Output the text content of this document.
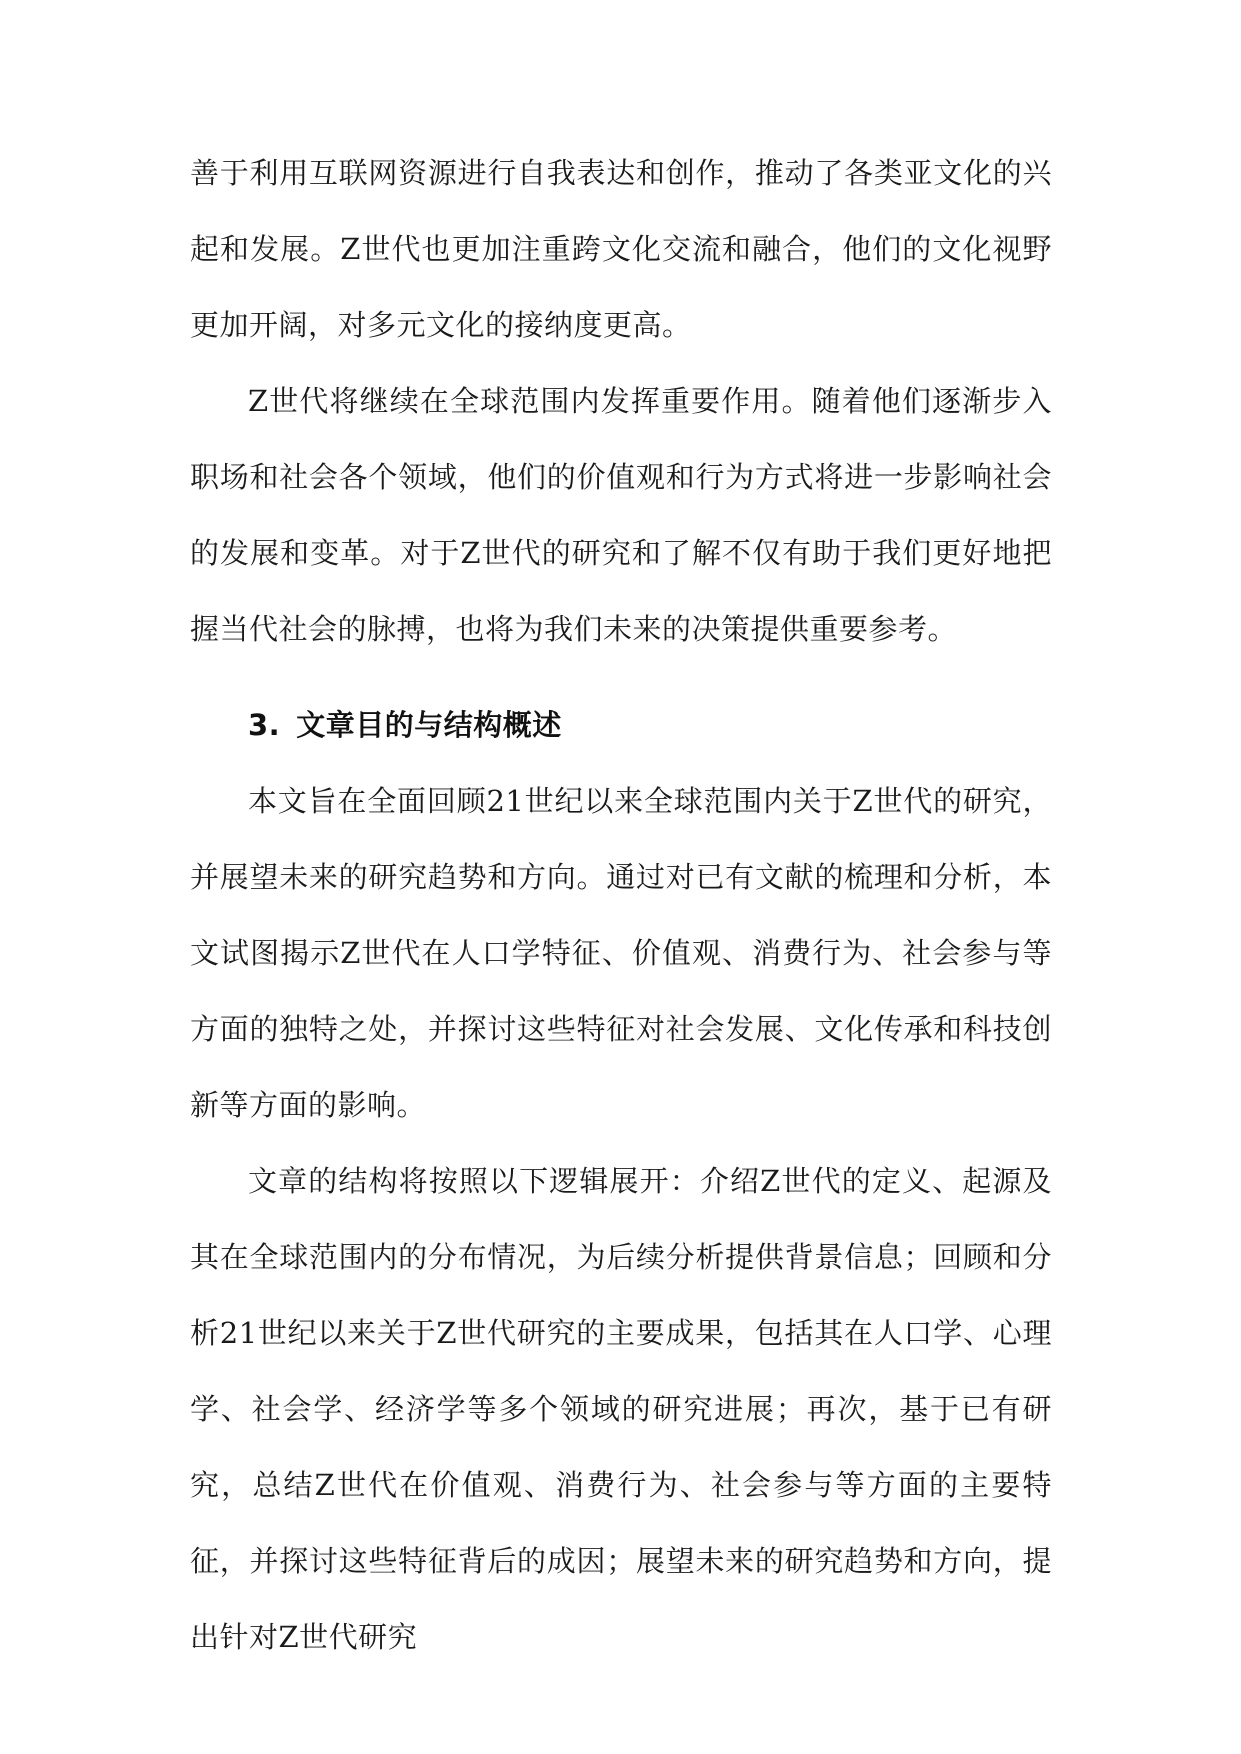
善于利用互联网资源进行自我表达和创作，推动了各类亚文化的兴起和发展。Z世代也更加注重跨文化交流和融合，他们的文化视野更加开阔，对多元文化的接纳度更高。

Z世代将继续在全球范围内发挥重要作用。随着他们逐渐步入职场和社会各个领域，他们的价值观和行为方式将进一步影响社会的发展和变革。对于Z世代的研究和了解不仅有助于我们更好地把握当代社会的脉搏，也将为我们未来的决策提供重要参考。

3. 文章目的与结构概述

本文旨在全面回顾21世纪以来全球范围内关于Z世代的研究，并展望未来的研究趋势和方向。通过对已有文献的梳理和分析，本文试图揭示Z世代在人口学特征、价值观、消费行为、社会参与等方面的独特之处，并探讨这些特征对社会发展、文化传承和科技创新等方面的影响。

文章的结构将按照以下逻辑展开：介绍Z世代的定义、起源及其在全球范围内的分布情况，为后续分析提供背景信息；回顾和分析21世纪以来关于Z世代研究的主要成果，包括其在人口学、心理学、社会学、经济学等多个领域的研究进展；再次，基于已有研究，总结Z世代在价值观、消费行为、社会参与等方面的主要特征，并探讨这些特征背后的成因；展望未来的研究趋势和方向，提出针对Z世代研究
